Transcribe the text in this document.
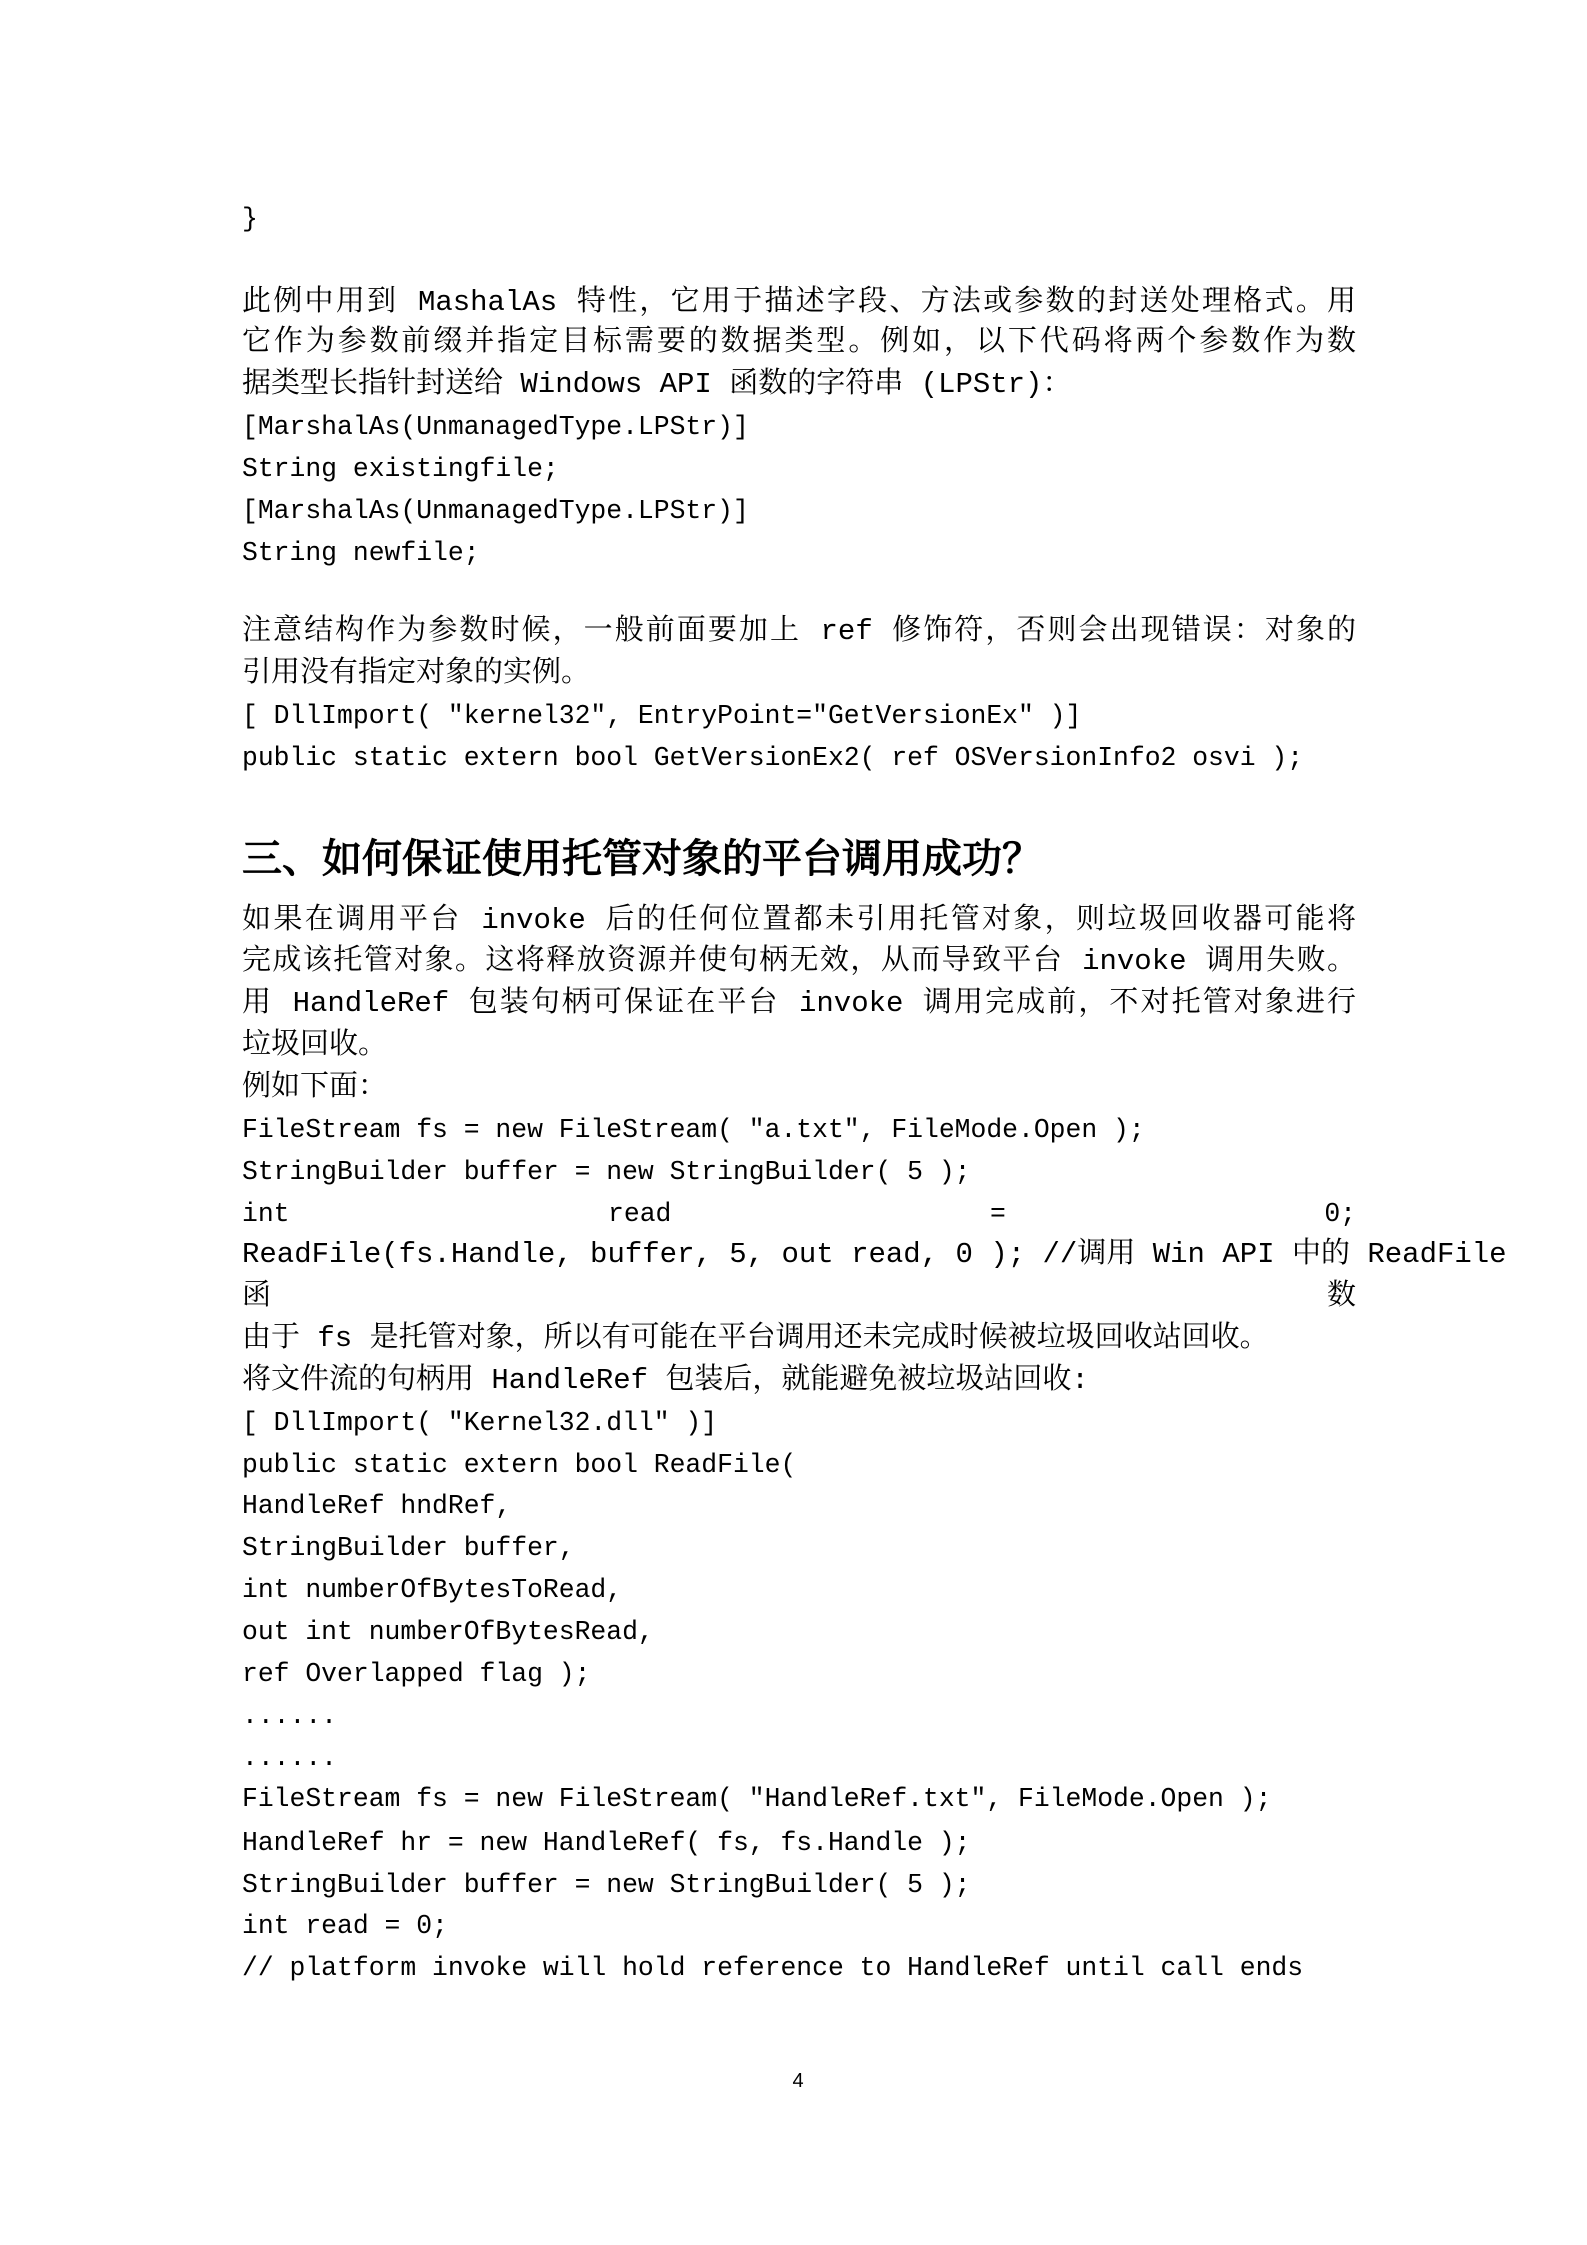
}
此例中用到 MashalAs 特性，它用于描述字段、方法或参数的封送处理格式。用
它作为参数前缀并指定目标需要的数据类型。例如，以下代码将两个参数作为数
据类型长指针封送给 Windows API 函数的字符串 (LPStr)：
[MarshalAs(UnmanagedType.LPStr)]
String existingfile;
[MarshalAs(UnmanagedType.LPStr)]
String newfile;
注意结构作为参数时候，一般前面要加上 ref 修饰符，否则会出现错误：对象的
引用没有指定对象的实例。
[ DllImport( "kernel32", EntryPoint="GetVersionEx" )]
public static extern bool GetVersionEx2( ref OSVersionInfo2 osvi );
三、如何保证使用托管对象的平台调用成功？
如果在调用平台 invoke 后的任何位置都未引用托管对象，则垃圾回收器可能将
完成该托管对象。这将释放资源并使句柄无效，从而导致平台 invoke 调用失败。
用 HandleRef 包装句柄可保证在平台 invoke 调用完成前，不对托管对象进行
垃圾回收。
例如下面：
FileStream fs = new FileStream( "a.txt", FileMode.Open );
StringBuilder buffer = new StringBuilder( 5 );
int read = 0;
ReadFile(fs.Handle, buffer, 5, out read, 0 ); //调用 Win API 中的 ReadFile
函数
由于 fs 是托管对象，所以有可能在平台调用还未完成时候被垃圾回收站回收。
将文件流的句柄用 HandleRef 包装后，就能避免被垃圾站回收:
[ DllImport( "Kernel32.dll" )]
public static extern bool ReadFile(
HandleRef hndRef,
StringBuilder buffer,
int numberOfBytesToRead,
out int numberOfBytesRead,
ref Overlapped flag );
......
......
FileStream fs = new FileStream( "HandleRef.txt", FileMode.Open );
HandleRef hr = new HandleRef( fs, fs.Handle );
StringBuilder buffer = new StringBuilder( 5 );
int read = 0;
// platform invoke will hold reference to HandleRef until call ends
4
